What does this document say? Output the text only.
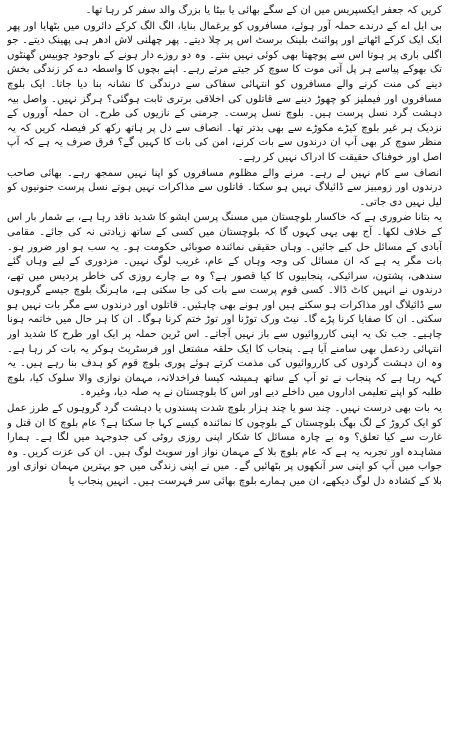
کریں کہ جعفر ایکسپریس میں ان کے سگے بھائی یا بیٹا یا بزرگ والد سفر کر رہا تھا۔

بی ایل اے کے درندے حملہ آور ہوئے، مسافروں کو یرغمال بنایا، الگ الگ کرکے دائروں میں بٹھایا اور پھر ایک ایک کرکے اٹھاتے اور پوائنٹ بلینک برسٹ اس پر چلا دیتے۔ پھر چھلنی لاش ادھر ہی پھینک دیتے۔ جو اگلی باری پر ہوتا اس سے پوچھتا بھی کوئی نہیں بنتے۔ وہ دو روزے دار ہونے کے باوجود چوبیس گھنٹوں تک بھوکے پیاسے ہر پل آتی موت کا سوچ کر جیتے مرتے رہے۔ اپنے بچوں کا واسطہ دے کر زندگی بخش دینے کی منت کرنے والے مسافروں کو انتہائی سفاکی سے درندگی کا نشانہ بنا دیا جاتا۔ ایک بلوچ مسافروں اور فیملیز کو چھوڑ دینے سے قاتلوں کی اخلاقی برتری ثابت ہوگئی؟ ہرگز نہیں۔ واصل بیہ دہشت گرد نسل پرست ہیں۔ بلوچ نسل پرست۔ جرمنی کے نازیوں کی طرح۔ ان حملہ آوروں کے نزدیک ہر غیر بلوچ کیڑے مکوڑے سے بھی بدتر تھا۔ انصاف سے دل پر ہاتھ رکھ کر فیصلہ کریں کہ یہ منظر سوچ کر بھی آپ ان درندوں سے بات کرنے، امن کی بات کا کہیں گے؟ فرق صرف یہ ہے کہ آپ اصل اور خوفناک حقیقت کا ادراک نہیں کر رہے۔

انصاف سے کام نہیں لے رہے۔ مرنے والے مظلوم مسافروں کو اپنا نہیں سمجھ رہے۔ بھائی صاحب درندوں اور زومبیز سے ڈائیلاگ نہیں ہو سکتا۔ قاتلوں سے مذاکرات نہیں ہوتے نسل پرست جنونیوں کو لیل نہیں دی جاتی۔

یہ بتانا ضروری ہے کہ خاکسار بلوچستان میں مسنگ پرسن ایشو کا شدید ناقد رہا ہے، بے شمار بار اس کے خلاف لکھا۔ آج بھی یہی کہوں گا کہ بلوچستان میں کسی کے ساتھ زیادتی نہ کی جائے۔ مقامی آبادی کے مسائل حل کیے جائیں۔ وہاں حقیقی نمائندہ صوبائی حکومت ہو۔ یہ سب ہو اور ضرور ہو۔ بات مگر یہ ہے کہ ان مسائل کی وجہ وہاں کے عام، غریب لوگ نہیں۔ مزدوری کے لیے وہاں گئے سندھی، پشتون، سرائیکی، پنجابیوں کا کیا قصور ہے؟ وہ بے چارے روزی کی خاطر پردیس میں تھے، درندوں نے انہیں کاٹ ڈالا۔ کسی قوم پرست سے بات کی جا سکتی ہے، ماہرنگ بلوچ جیسے گروہوں سے ڈائیلاگ اور مذاکرات ہو سکتے ہیں اور ہونے بھی چاہئیں۔ قاتلوں اور درندوں سے مگر بات نہیں ہو سکتی۔ ان کا صفایا کرنا پڑے گا۔ نیٹ ورک توڑنا اور توڑ ختم کرنا ہوگا۔ ان کا ہر حال میں خاتمہ ہونا چاہیے۔ جب تک یہ اپنی کارروائیوں سے باز نہیں آجاتے۔ اس ٹرین حملہ پر ایک اور طرح کا شدید اور انتہائی ردعمل بھی سامنے آیا ہے۔ پنجاب کا ایک حلقہ مشتعل اور فرسٹریٹ ہوکر یہ بات کر رہا ہے۔ وہ ان دہشت گردوں کی کارروائیوں کی مذمت کرتے ہوئے پوری بلوچ قوم کو ہدف بنا رہے ہیں۔ یہ کہہ رہا ہے کہ پنجاب نے تو آپ کے ساتھ ہمیشہ کیسا فراخدلانہ، مہمان نوازی والا سلوک کیا، بلوچ طلبہ کو اپنے تعلیمی اداروں میں داخلے دیے اور اس کا بلوچستان نے یہ صلہ دیا، وغیرہ۔

یہ بات بھی درست نہیں۔ چند سو یا چند ہزار بلوچ شدت پسندوں یا دہشت گرد گروہوں کے طرز عمل کو ایک کروڑ کے لگ بھگ بلوچستان کے بلوچوں کا نمائندہ کیسے کہا جا سکتا ہے؟ عام بلوچ کا ان قتل و غارت سے کیا تعلق؟ وہ بے چارہ مسائل کا شکار اپنی روزی روٹی کی جدوجہد میں لگا ہے۔ ہمارا مشاہدہ اور تجربہ یہ ہے کہ عام بلوچ بلا کے مہمان نواز اور سویٹ لوگ ہیں۔ ان کی عزت کریں۔ وہ جواب میں آپ کو اپنی سر آنکھوں پر بٹھائیں گے۔ میں نے اپنی زندگی میں جو بہترین مہمان نوازی اور بلا کے کشادہ دل لوگ دیکھے، ان میں ہمارے بلوچ بھائی سر فہرست ہیں۔ انہیں پنجاب یا
